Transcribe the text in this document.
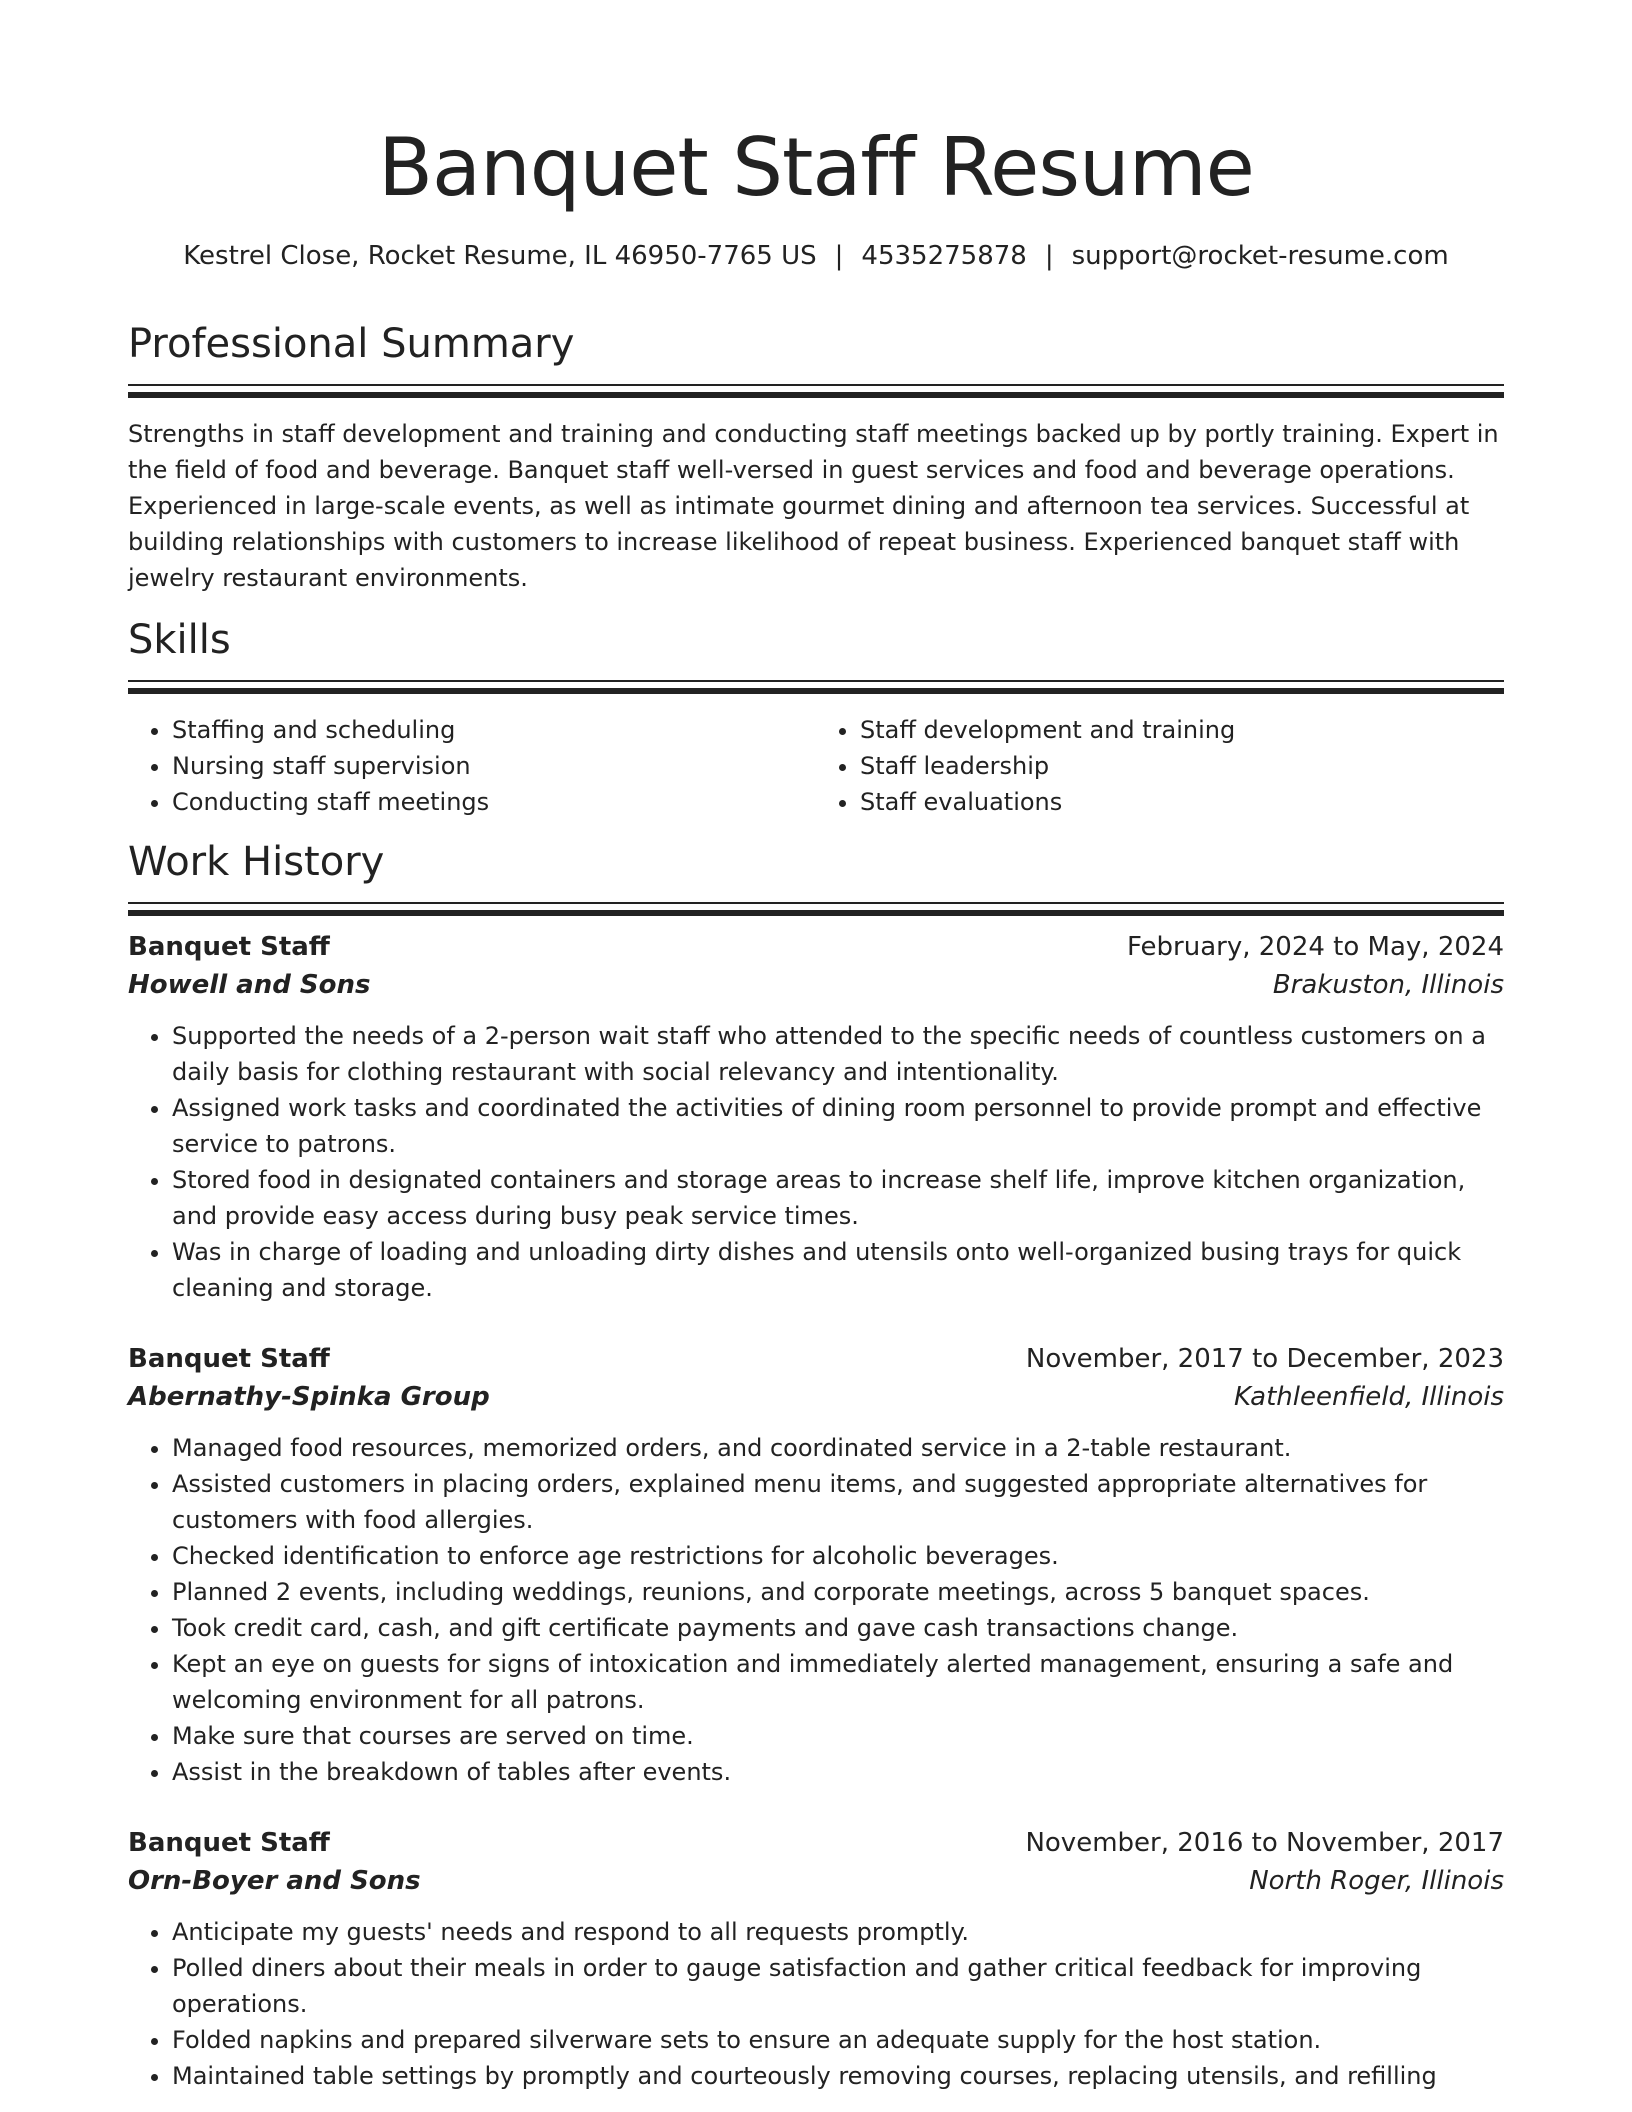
Banquet Staff Resume
Kestrel Close, Rocket Resume, IL 46950-7765 US | 4535275878 | support@rocket-resume.com
Professional Summary
Strengths in staff development and training and conducting staff meetings backed up by portly training. Expert in the field of food and beverage. Banquet staff well-versed in guest services and food and beverage operations. Experienced in large-scale events, as well as intimate gourmet dining and afternoon tea services. Successful at building relationships with customers to increase likelihood of repeat business. Experienced banquet staff with jewelry restaurant environments.
Skills
• Staffing and scheduling
• Nursing staff supervision
• Conducting staff meetings
• Staff development and training
• Staff leadership
• Staff evaluations
Work History
Banquet Staff	February, 2024 to May, 2024
Howell and Sons	Brakuston, Illinois
• Supported the needs of a 2-person wait staff who attended to the specific needs of countless customers on a daily basis for clothing restaurant with social relevancy and intentionality.
• Assigned work tasks and coordinated the activities of dining room personnel to provide prompt and effective service to patrons.
• Stored food in designated containers and storage areas to increase shelf life, improve kitchen organization, and provide easy access during busy peak service times.
• Was in charge of loading and unloading dirty dishes and utensils onto well-organized busing trays for quick cleaning and storage.
Banquet Staff	November, 2017 to December, 2023
Abernathy-Spinka Group	Kathleenfield, Illinois
• Managed food resources, memorized orders, and coordinated service in a 2-table restaurant.
• Assisted customers in placing orders, explained menu items, and suggested appropriate alternatives for customers with food allergies.
• Checked identification to enforce age restrictions for alcoholic beverages.
• Planned 2 events, including weddings, reunions, and corporate meetings, across 5 banquet spaces.
• Took credit card, cash, and gift certificate payments and gave cash transactions change.
• Kept an eye on guests for signs of intoxication and immediately alerted management, ensuring a safe and welcoming environment for all patrons.
• Make sure that courses are served on time.
• Assist in the breakdown of tables after events.
Banquet Staff	November, 2016 to November, 2017
Orn-Boyer and Sons	North Roger, Illinois
• Anticipate my guests' needs and respond to all requests promptly.
• Polled diners about their meals in order to gauge satisfaction and gather critical feedback for improving operations.
• Folded napkins and prepared silverware sets to ensure an adequate supply for the host station.
• Maintained table settings by promptly and courteously removing courses, replacing utensils, and refilling
